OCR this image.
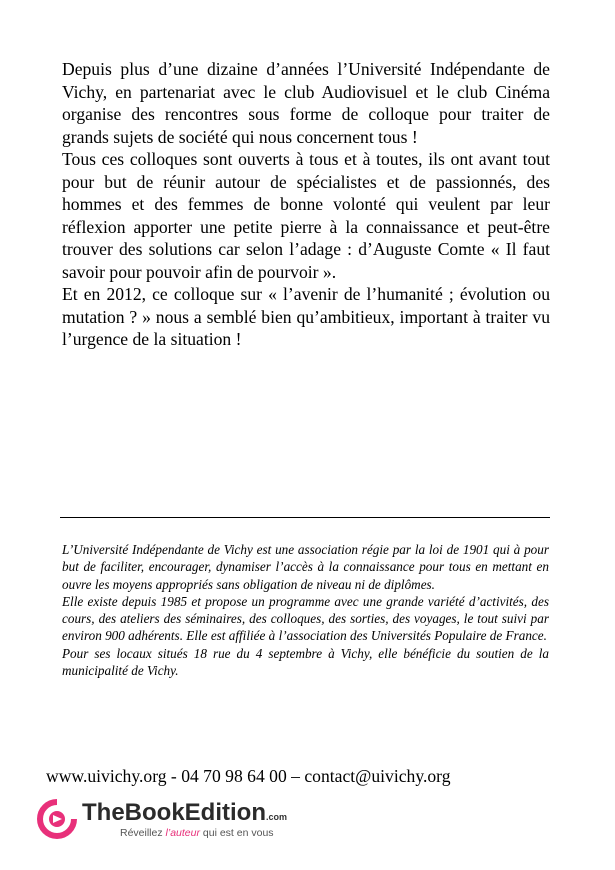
Depuis plus d’une dizaine d’années l’Université Indépendante de Vichy, en partenariat avec le club Audiovisuel et le club Cinéma organise des rencontres sous forme de colloque pour traiter de grands sujets de société qui nous concernent tous !

Tous ces colloques sont ouverts à tous et à toutes, ils ont avant tout pour but de réunir autour de spécialistes et de passionnés, des hommes et des femmes de bonne volonté qui veulent par leur réflexion apporter une petite pierre à la connaissance et peut-être trouver des solutions car selon l’adage : d’Auguste Comte « Il faut savoir pour pouvoir afin de pourvoir ».

Et en 2012, ce colloque sur « l’avenir de l’humanité ; évolution ou mutation ? » nous a semblé bien qu’ambitieux, important à traiter vu l’urgence de la situation !

L’Université Indépendante de Vichy est une association régie par la loi de 1901 qui à pour but de faciliter, encourager, dynamiser l’accès à la connaissance pour tous en mettant en ouvre les moyens appropriés sans obligation de niveau ni de diplômes.

Elle existe depuis 1985 et propose un programme avec une grande variété d’activités, des cours, des ateliers des séminaires, des colloques, des sorties, des voyages, le tout suivi par environ 900 adhérents. Elle est affiliée à l’association des Universités Populaire de France.

Pour ses locaux situés 18 rue du 4 septembre à Vichy, elle bénéficie du soutien de la municipalité de Vichy.

www.uivichy.org - 04 70 98 64 00 – contact@uivichy.org
TheBookEdition.com
Réveillez l’auteur qui est en vous
